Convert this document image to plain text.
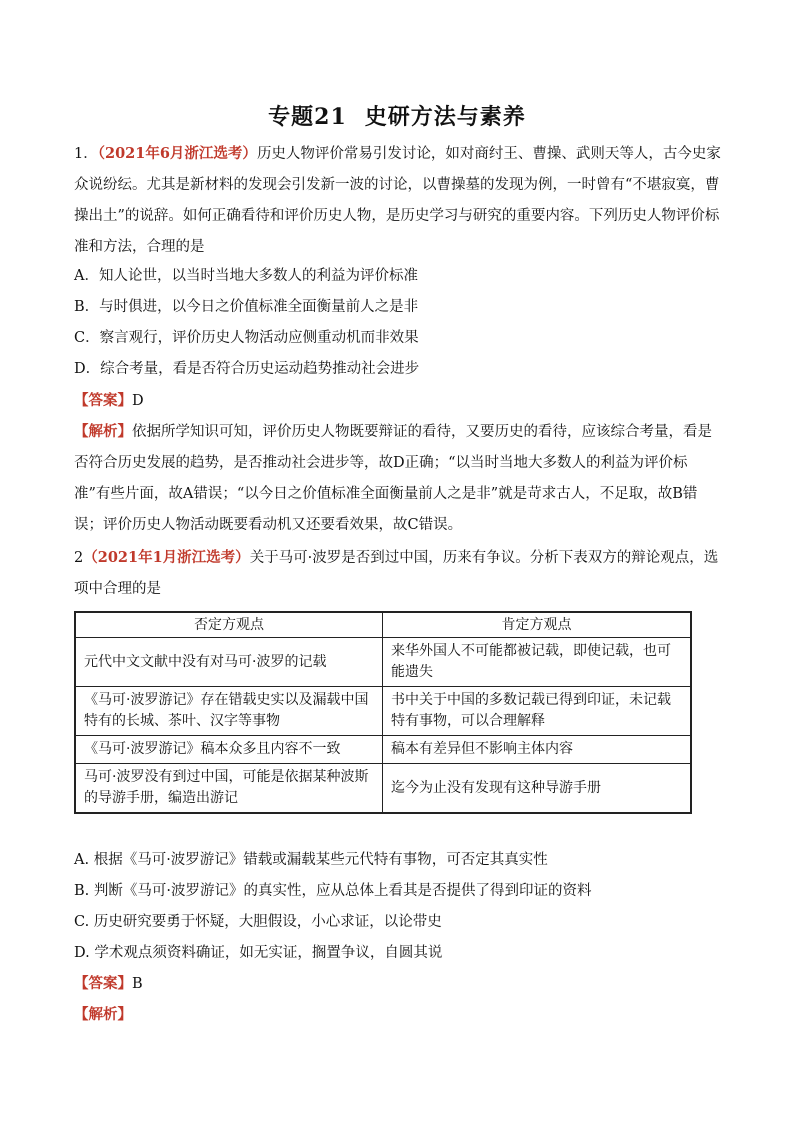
专题21 史研方法与素养
1．（2021年6月浙江选考）历史人物评价常易引发讨论，如对商纣王、曹操、武则天等人，古今史家众说纷纭。尤其是新材料的发现会引发新一波的讨论，以曹操墓的发现为例，一时曾有“不堪寂寞，曹操出土”的说辞。如何正确看待和评价历史人物，是历史学习与研究的重要内容。下列历史人物评价标准和方法，合理的是
A．知人论世，以当时当地大多数人的利益为评价标准
B．与时俱进，以今日之价值标准全面衡量前人之是非
C．察言观行，评价历史人物活动应侧重动机而非效果
D．综合考量，看是否符合历史运动趋势推动社会进步
【答案】D
【解析】依据所学知识可知，评价历史人物既要辩证的看待，又要历史的看待，应该综合考量，看是否符合历史发展的趋势，是否推动社会进步等，故D正确；“以当时当地大多数人的利益为评价标准”有些片面，故A错误；“以今日之价值标准全面衡量前人之是非”就是苛求古人，不足取，故B错误；评价历史人物活动既要看动机又还要看效果，故C错误。
2（2021年1月浙江选考）关于马可·波罗是否到过中国，历来有争议。分析下表双方的辩论观点，选项中合理的是
否定方观点	肯定方观点
元代中文文献中没有对马可·波罗的记载	来华外国人不可能都被记载，即使记载，也可能遗失
《马可·波罗游记》存在错载史实以及漏载中国特有的长城、茶叶、汉字等事物	书中关于中国的多数记载已得到印证，未记载特有事物，可以合理解释
《马可·波罗游记》稿本众多且内容不一致	稿本有差异但不影响主体内容
马可·波罗没有到过中国，可能是依据某种波斯的导游手册，编造出游记	迄今为止没有发现有这种导游手册
A. 根据《马可·波罗游记》错载或漏载某些元代特有事物，可否定其真实性
B. 判断《马可·波罗游记》的真实性，应从总体上看其是否提供了得到印证的资料
C. 历史研究要勇于怀疑，大胆假设，小心求证，以论带史
D. 学术观点须资料确证，如无实证，搁置争议，自圆其说
【答案】B
【解析】
